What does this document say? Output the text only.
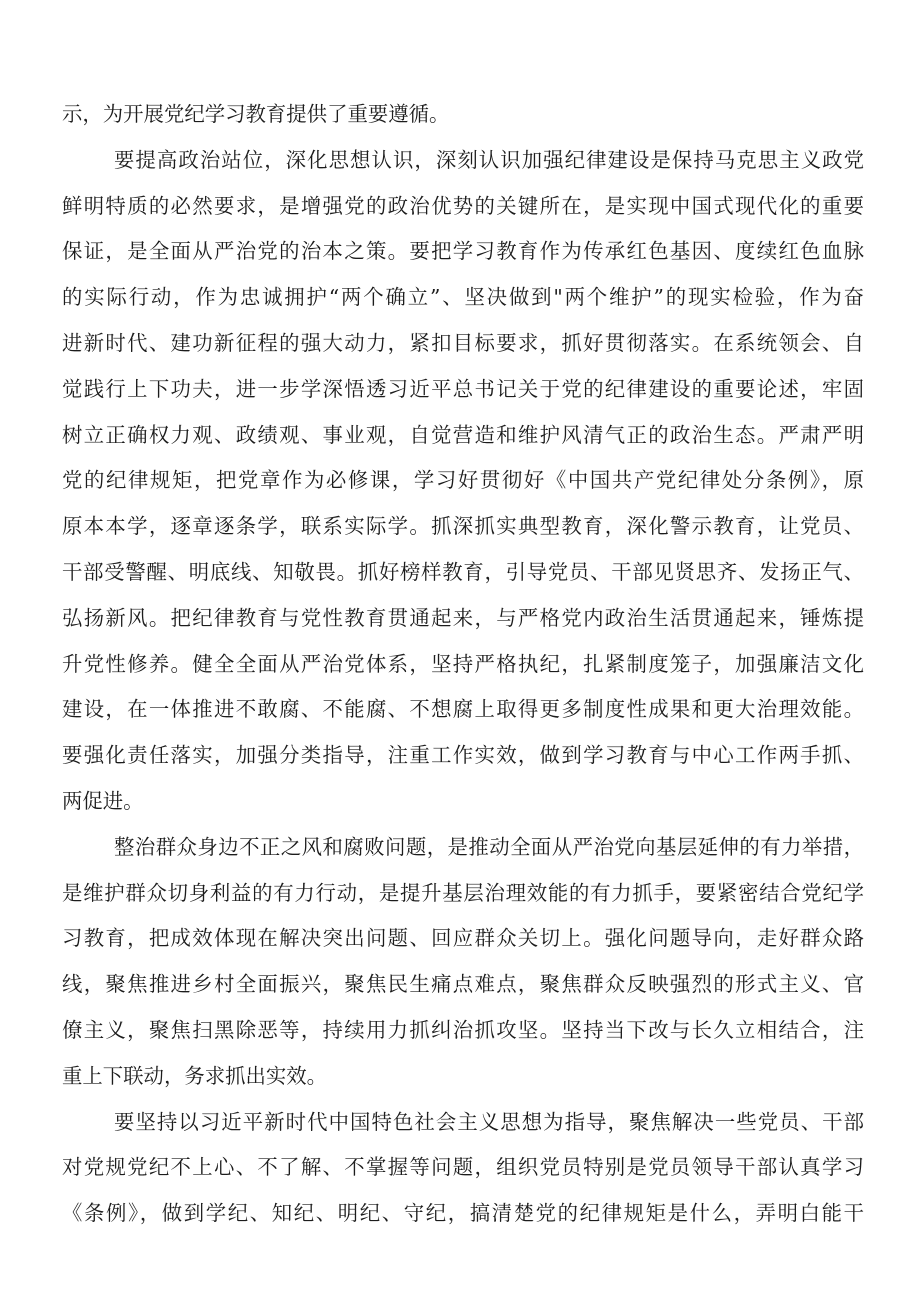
示，为开展党纪学习教育提供了重要遵循。
要提高政治站位，深化思想认识，深刻认识加强纪律建设是保持马克思主义政党
鲜明特质的必然要求，是增强党的政治优势的关键所在，是实现中国式现代化的重要
保证，是全面从严治党的治本之策。要把学习教育作为传承红色基因、度续红色血脉
的实际行动，作为忠诚拥护“两个确立”、坚决做到"两个维护”的现实检验，作为奋
进新时代、建功新征程的强大动力，紧扣目标要求，抓好贯彻落实。在系统领会、自
觉践行上下功夫，进一步学深悟透习近平总书记关于党的纪律建设的重要论述，牢固
树立正确权力观、政绩观、事业观，自觉营造和维护风清气正的政治生态。严肃严明
党的纪律规矩，把党章作为必修课，学习好贯彻好《中国共产党纪律处分条例》，原
原本本学，逐章逐条学，联系实际学。抓深抓实典型教育，深化警示教育，让党员、
干部受警醒、明底线、知敬畏。抓好榜样教育，引导党员、干部见贤思齐、发扬正气、
弘扬新风。把纪律教育与党性教育贯通起来，与严格党内政治生活贯通起来，锤炼提
升党性修养。健全全面从严治党体系，坚持严格执纪，扎紧制度笼子，加强廉洁文化
建设，在一体推进不敢腐、不能腐、不想腐上取得更多制度性成果和更大治理效能。
要强化责任落实，加强分类指导，注重工作实效，做到学习教育与中心工作两手抓、
两促进。
整治群众身边不正之风和腐败问题，是推动全面从严治党向基层延伸的有力举措，
是维护群众切身利益的有力行动，是提升基层治理效能的有力抓手，要紧密结合党纪学
习教育，把成效体现在解决突出问题、回应群众关切上。强化问题导向，走好群众路
线，聚焦推进乡村全面振兴，聚焦民生痛点难点，聚焦群众反映强烈的形式主义、官
僚主义，聚焦扫黑除恶等，持续用力抓纠治抓攻坚。坚持当下改与长久立相结合，注
重上下联动，务求抓出实效。
要坚持以习近平新时代中国特色社会主义思想为指导，聚焦解决一些党员、干部
对党规党纪不上心、不了解、不掌握等问题，组织党员特别是党员领导干部认真学习
《条例》，做到学纪、知纪、明纪、守纪，搞清楚党的纪律规矩是什么，弄明白能干
